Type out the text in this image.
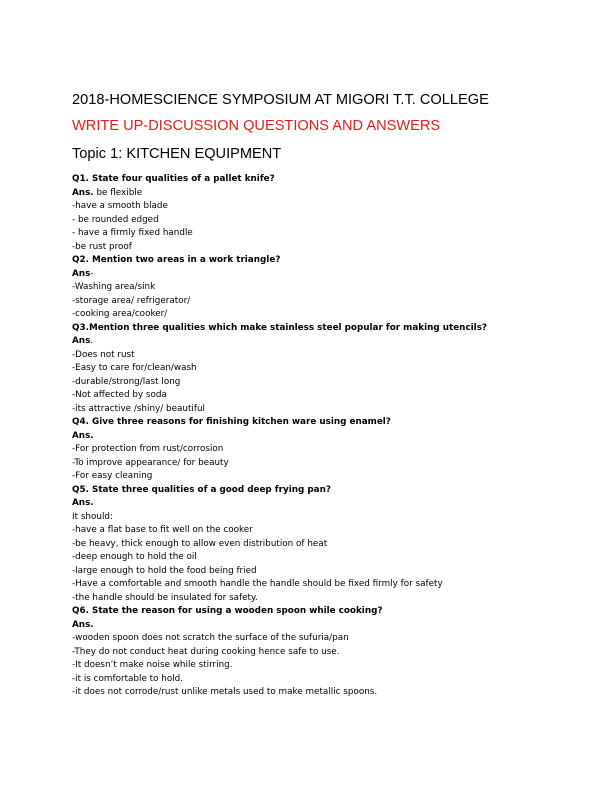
2018-HOMESCIENCE SYMPOSIUM AT MIGORI T.T. COLLEGE
WRITE UP-DISCUSSION QUESTIONS AND ANSWERS
Topic 1: KITCHEN EQUIPMENT
Q1. State four qualities of a pallet knife?
Ans. be flexible
-have a smooth blade
- be rounded edged
- have a firmly fixed handle
-be rust proof
Q2. Mention two areas in a work triangle?
Ans-
-Washing area/sink
-storage area/ refrigerator/
-cooking area/cooker/
Q3.Mention three qualities which make stainless steel popular for making utencils?
Ans.
-Does not rust
-Easy to care for/clean/wash
-durable/strong/last long
-Not affected by soda
-its attractive /shiny/ beautiful
Q4. Give three reasons for finishing kitchen ware using enamel?
Ans.
-For protection from rust/corrosion
-To improve appearance/ for beauty
-For easy cleaning
Q5. State three qualities of a good deep frying pan?
Ans.
It should:
-have a flat base to fit well on the cooker
-be heavy, thick enough to allow even distribution of heat
-deep enough to hold the oil
-large enough to hold the food being fried
-Have a comfortable and smooth handle the handle should be fixed firmly for safety
-the handle should be insulated for safety.
Q6. State the reason for using a wooden spoon while cooking?
Ans.
-wooden spoon does not scratch the surface of the sufuria/pan
-They do not conduct heat during cooking hence safe to use.
-It doesn’t make noise while stirring.
-it is comfortable to hold.
-it does not corrode/rust unlike metals used to make metallic spoons.
